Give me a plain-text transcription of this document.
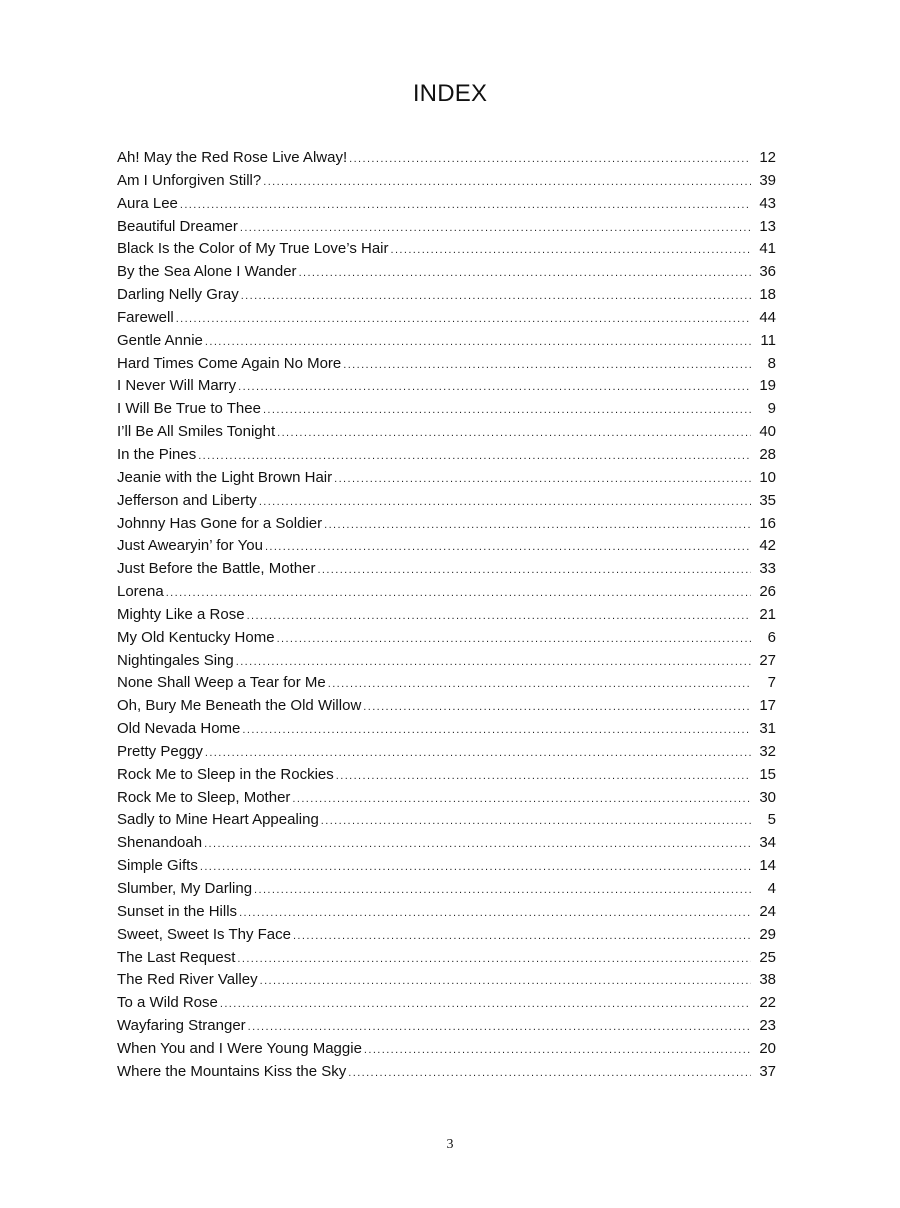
INDEX
Ah! May the Red Rose Live Alway! .....	12
Am I Unforgiven Still? .....	39
Aura Lee .....	43
Beautiful Dreamer .....	13
Black Is the Color of My True Love’s Hair .....	41
By the Sea Alone I Wander .....	36
Darling Nelly Gray .....	18
Farewell .....	44
Gentle Annie .....	11
Hard Times Come Again No More .....	8
I Never Will Marry .....	19
I Will Be True to Thee .....	9
I’ll Be All Smiles Tonight .....	40
In the Pines .....	28
Jeanie with the Light Brown Hair .....	10
Jefferson and Liberty .....	35
Johnny Has Gone for a Soldier .....	16
Just Awearyin’ for You .....	42
Just Before the Battle, Mother .....	33
Lorena .....	26
Mighty Like a Rose .....	21
My Old Kentucky Home .....	6
Nightingales Sing .....	27
None Shall Weep a Tear for Me .....	7
Oh, Bury Me Beneath the Old Willow .....	17
Old Nevada Home .....	31
Pretty Peggy .....	32
Rock Me to Sleep in the Rockies .....	15
Rock Me to Sleep, Mother .....	30
Sadly to Mine Heart Appealing .....	5
Shenandoah .....	34
Simple Gifts .....	14
Slumber, My Darling .....	4
Sunset in the Hills .....	24
Sweet, Sweet Is Thy Face .....	29
The Last Request .....	25
The Red River Valley .....	38
To a Wild Rose .....	22
Wayfaring Stranger .....	23
When You and I Were Young Maggie .....	20
Where the Mountains Kiss the Sky .....	37
3
